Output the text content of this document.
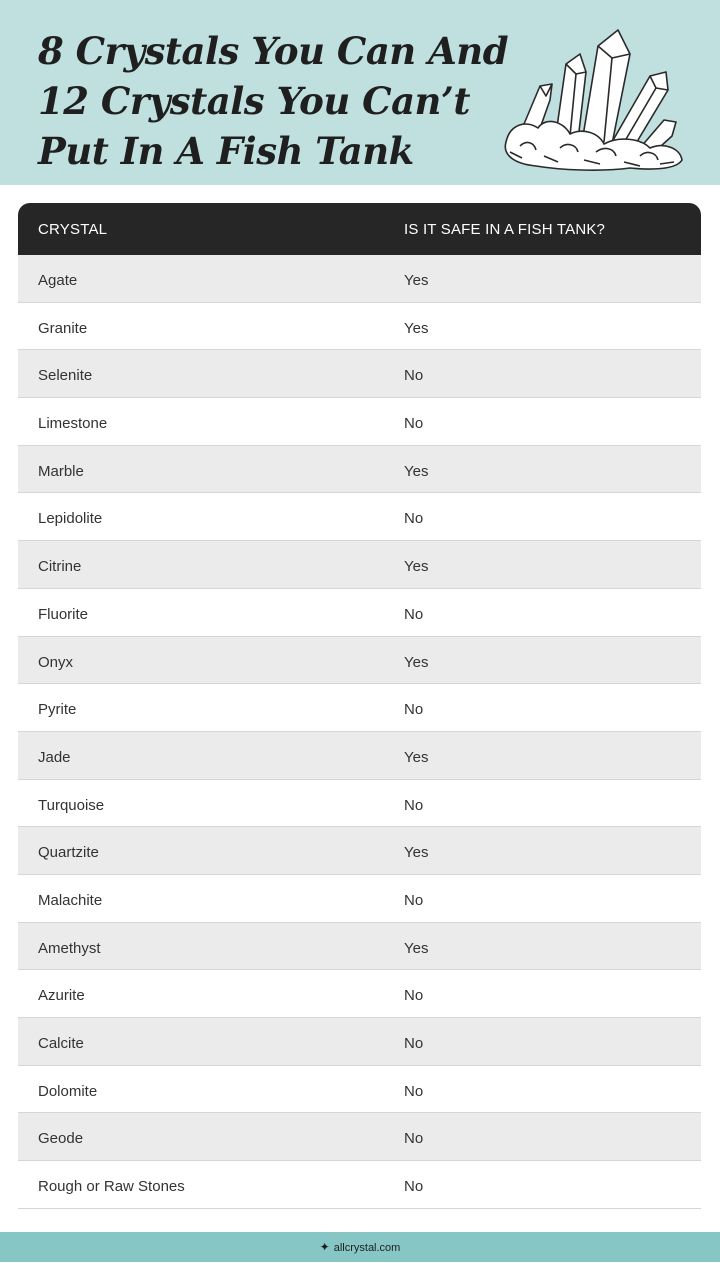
8 Crystals You Can And
12 Crystals You Can’t
Put In A Fish Tank
CRYSTAL	IS IT SAFE IN A FISH TANK?
Agate	Yes
Granite	Yes
Selenite	No
Limestone	No
Marble	Yes
Lepidolite	No
Citrine	Yes
Fluorite	No
Onyx	Yes
Pyrite	No
Jade	Yes
Turquoise	No
Quartzite	Yes
Malachite	No
Amethyst	Yes
Azurite	No
Calcite	No
Dolomite	No
Geode	No
Rough or Raw Stones	No
✦ allcrystal.com
